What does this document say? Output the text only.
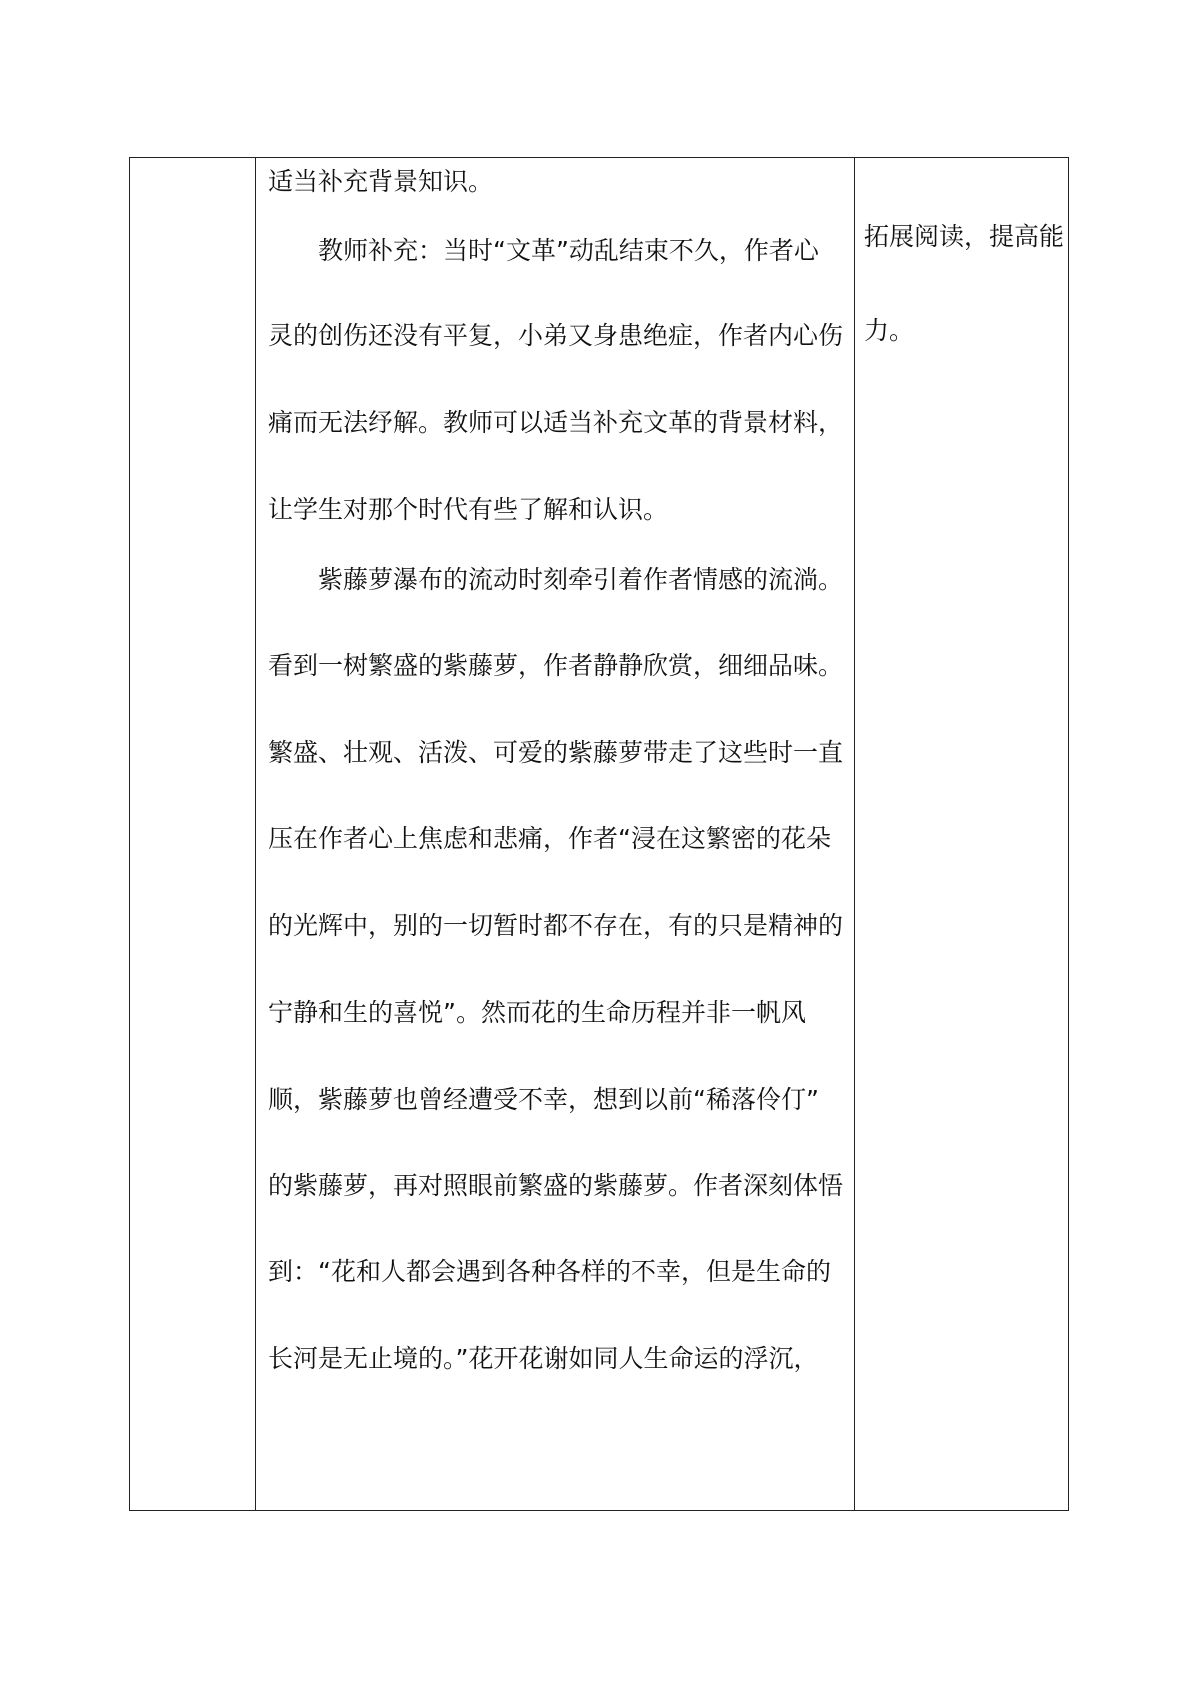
适当补充背景知识。
教师补充：当时“文革”动乱结束不久，作者心
灵的创伤还没有平复，小弟又身患绝症，作者内心伤
痛而无法纾解。教师可以适当补充文革的背景材料，
让学生对那个时代有些了解和认识。
紫藤萝瀑布的流动时刻牵引着作者情感的流淌。
看到一树繁盛的紫藤萝，作者静静欣赏，细细品味。
繁盛、壮观、活泼、可爱的紫藤萝带走了这些时一直
压在作者心上焦虑和悲痛，作者“浸在这繁密的花朵
的光辉中，别的一切暂时都不存在，有的只是精神的
宁静和生的喜悦”。然而花的生命历程并非一帆风
顺，紫藤萝也曾经遭受不幸，想到以前“稀落伶仃”
的紫藤萝，再对照眼前繁盛的紫藤萝。作者深刻体悟
到：“花和人都会遇到各种各样的不幸，但是生命的
长河是无止境的。”花开花谢如同人生命运的浮沉，
拓展阅读，提高能
力。
